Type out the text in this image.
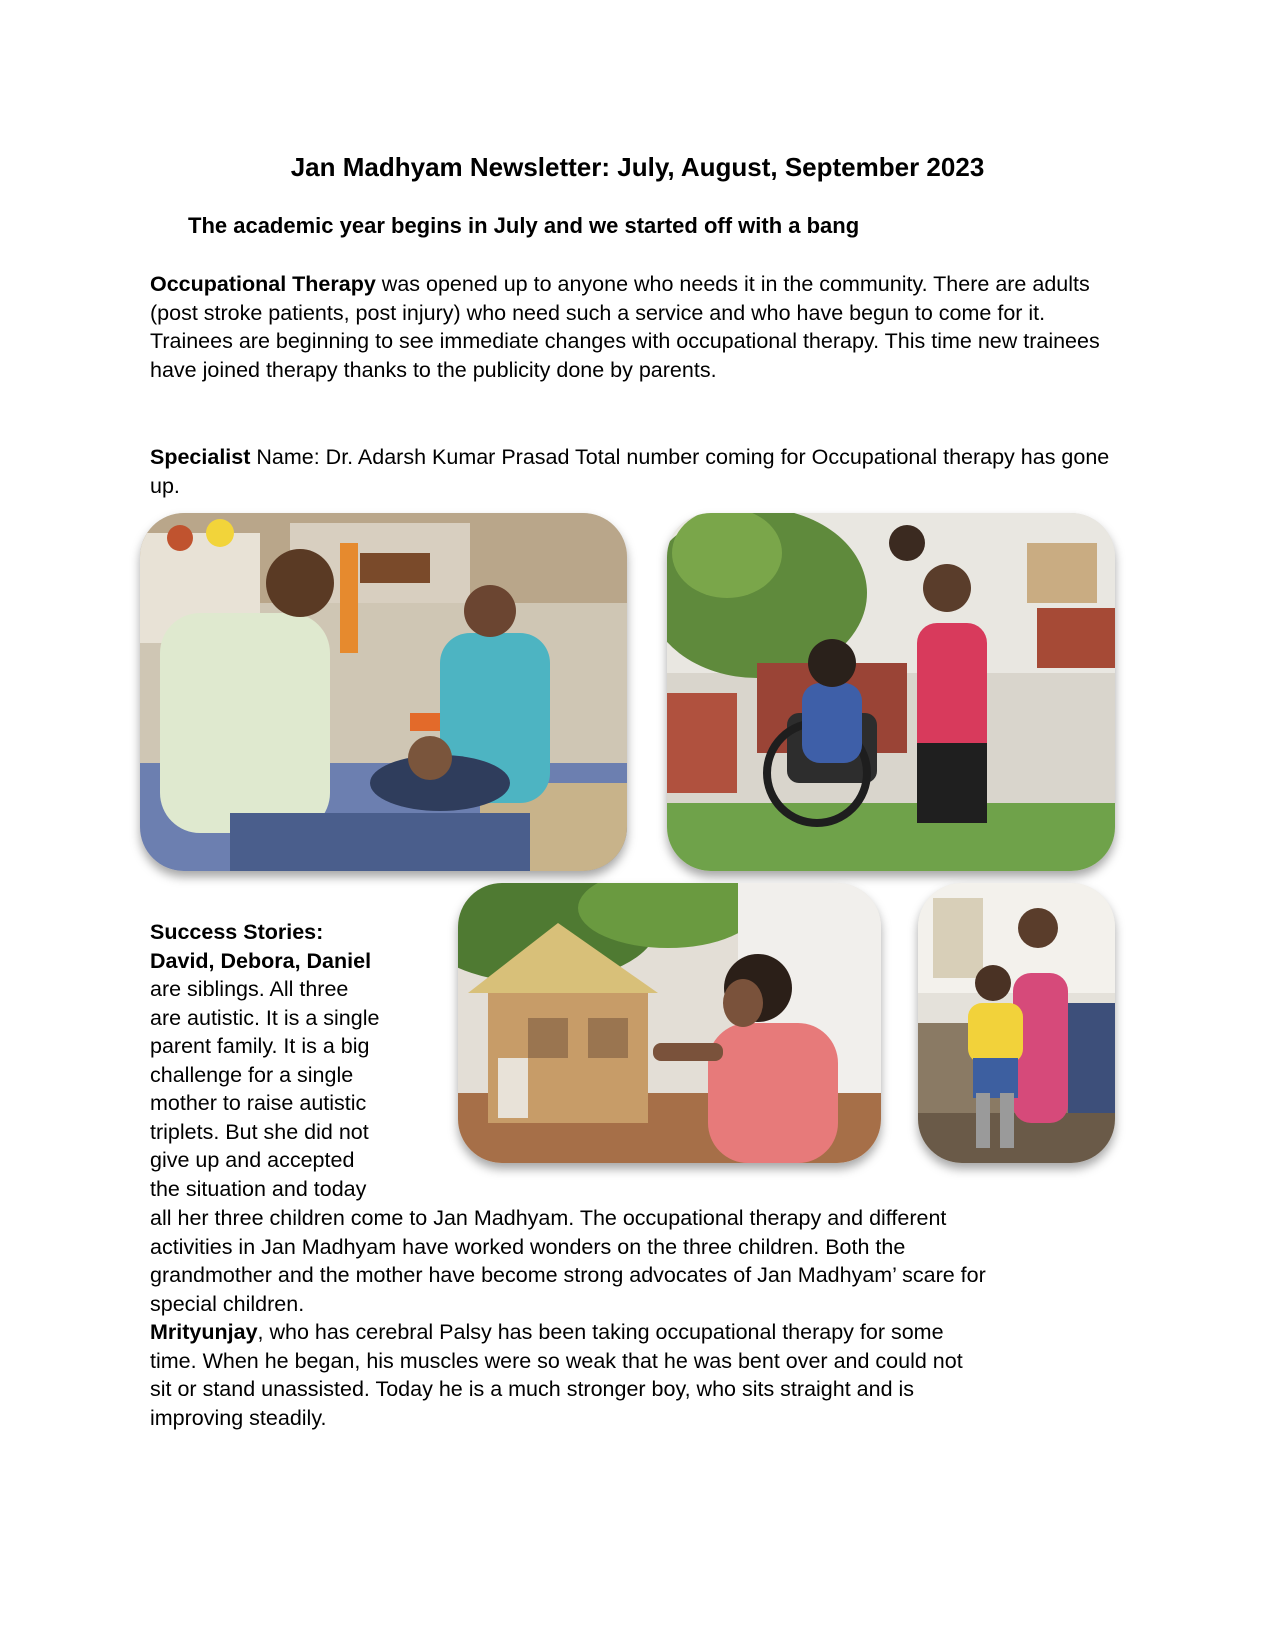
Jan Madhyam Newsletter: July, August, September 2023
The academic year begins in July and we started off with a bang

Occupational Therapy was opened up to anyone who needs it in the community. There are adults (post stroke patients, post injury) who need such a service and who have begun to come for it.
Trainees are beginning to see immediate changes with occupational therapy. This time new trainees have joined therapy thanks to the publicity done by parents.

Specialist Name: Dr. Adarsh Kumar Prasad Total number coming for Occupational therapy has gone up.

Success Stories:
David, Debora, Daniel
are siblings. All three
are autistic. It is a single
parent family. It is a big
challenge for a single
mother to raise autistic
triplets. But she did not
give up and accepted
the situation and today

all her three children come to Jan Madhyam. The occupational therapy and different
activities in Jan Madhyam have worked wonders on the three children. Both the
grandmother and the mother have become strong advocates of Jan Madhyam’ scare for
special children.
Mrityunjay, who has cerebral Palsy has been taking occupational therapy for some
time. When he began, his muscles were so weak that he was bent over and could not
sit or stand unassisted. Today he is a much stronger boy, who sits straight and is
improving steadily.
